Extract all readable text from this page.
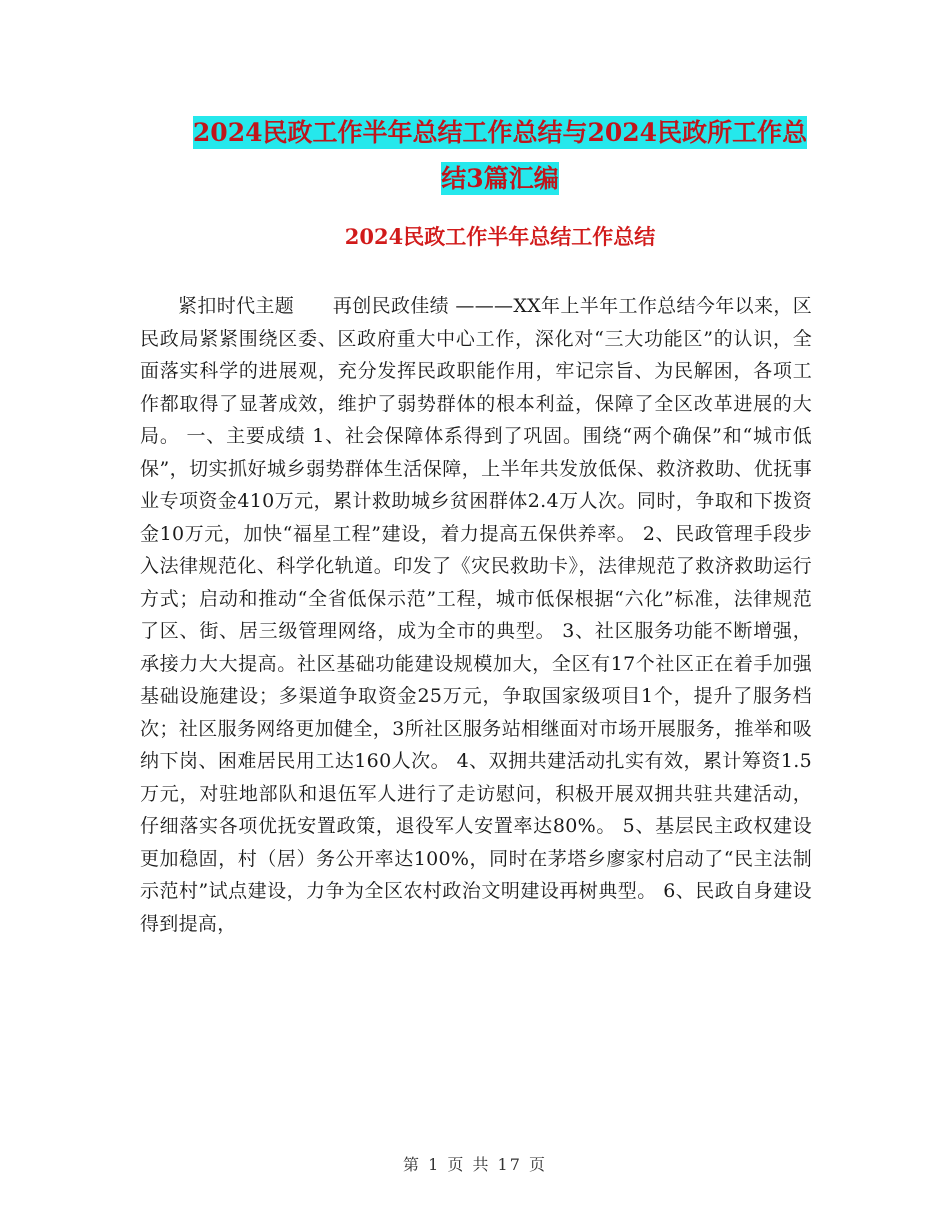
2024民政工作半年总结工作总结与2024民政所工作总
结3篇汇编
2024民政工作半年总结工作总结
紧扣时代主题　　再创民政佳绩 ———XX年上半年工作总结今年以来，区民政局紧紧围绕区委、区政府重大中心工作，深化对“三大功能区”的认识，全面落实科学的进展观，充分发挥民政职能作用，牢记宗旨、为民解困，各项工作都取得了显著成效，维护了弱势群体的根本利益，保障了全区改革进展的大局。 一、主要成绩 1、社会保障体系得到了巩固。围绕“两个确保”和“城市低保”，切实抓好城乡弱势群体生活保障，上半年共发放低保、救济救助、优抚事业专项资金410万元，累计救助城乡贫困群体2.4万人次。同时，争取和下拨资金10万元，加快“福星工程”建设，着力提高五保供养率。 2、民政管理手段步入法律规范化、科学化轨道。印发了《灾民救助卡》，法律规范了救济救助运行方式；启动和推动“全省低保示范”工程，城市低保根据“六化”标准，法律规范了区、街、居三级管理网络，成为全市的典型。 3、社区服务功能不断增强，承接力大大提高。社区基础功能建设规模加大，全区有17个社区正在着手加强基础设施建设；多渠道争取资金25万元，争取国家级项目1个，提升了服务档次；社区服务网络更加健全，3所社区服务站相继面对市场开展服务，推举和吸纳下岗、困难居民用工达160人次。 4、双拥共建活动扎实有效，累计筹资1.5万元，对驻地部队和退伍军人进行了走访慰问，积极开展双拥共驻共建活动，仔细落实各项优抚安置政策，退役军人安置率达80%。 5、基层民主政权建设更加稳固，村（居）务公开率达100%，同时在茅塔乡廖家村启动了“民主法制示范村”试点建设，力争为全区农村政治文明建设再树典型。 6、民政自身建设得到提高，
第 1 页 共 17 页
